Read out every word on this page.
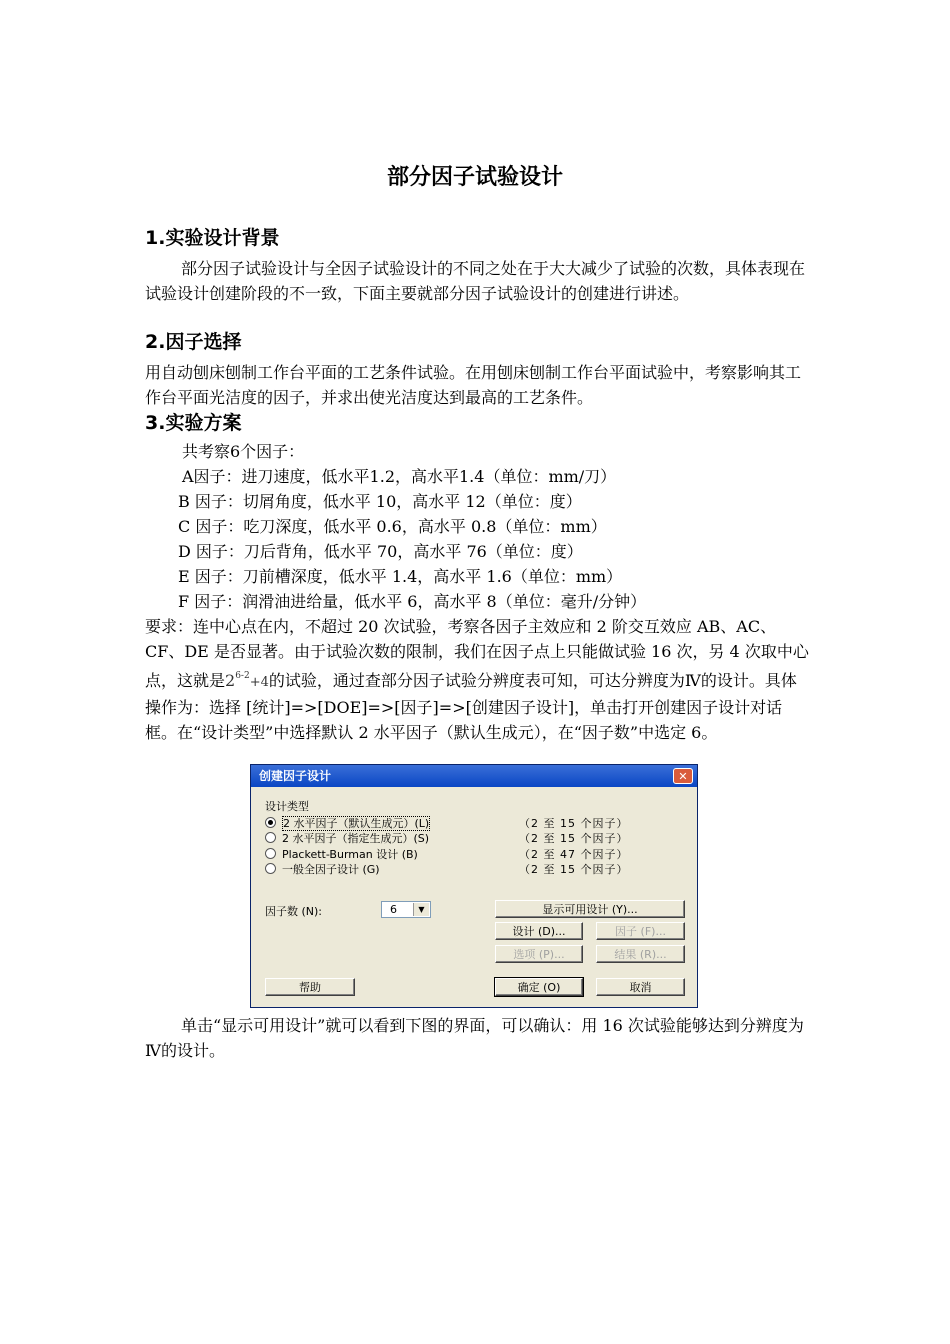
部分因子试验设计
1.实验设计背景
部分因子试验设计与全因子试验设计的不同之处在于大大减少了试验的次数，具体表现在试验设计创建阶段的不一致，下面主要就部分因子试验设计的创建进行讲述。
2.因子选择
用自动刨床刨制工作台平面的工艺条件试验。在用刨床刨制工作台平面试验中，考察影响其工作台平面光洁度的因子，并求出使光洁度达到最高的工艺条件。
3.实验方案
共考察6个因子：
A因子：进刀速度，低水平1.2，高水平1.4（单位：mm/刀）
B 因子：切屑角度，低水平 10，高水平 12（单位：度）
C 因子：吃刀深度，低水平 0.6，高水平 0.8（单位：mm）
D 因子：刀后背角，低水平 70，高水平 76（单位：度）
E 因子：刀前槽深度，低水平 1.4，高水平 1.6（单位：mm）
F 因子：润滑油进给量，低水平 6，高水平 8（单位：毫升/分钟）
要求：连中心点在内，不超过 20 次试验，考察各因子主效应和 2 阶交互效应 AB、AC、CF、DE 是否显著。由于试验次数的限制，我们在因子点上只能做试验 16 次，另 4 次取中心点，这就是$2^{6-2}+4$的试验，通过查部分因子试验分辨度表可知，可达分辨度为Ⅳ的设计。具体操作为：选择 [统计]=>[DOE]=>[因子]=>[创建因子设计]，单击打开创建因子设计对话框。在“设计类型”中选择默认 2 水平因子（默认生成元），在“因子数”中选定 6。
创建因子设计	✕
设计类型
2 水平因子（默认生成元）(L)	（2 至 15 个因子）
2 水平因子（指定生成元）(S)	（2 至 15 个因子）
Plackett-Burman 设计 (B)	（2 至 47 个因子）
一般全因子设计 (G)	（2 至 15 个因子）
因子数 (N):	6	▼	显示可用设计 (Y)...
设计 (D)...	因子 (F)...
选项 (P)...	结果 (R)...
帮助	确定 (O)	取消
单击“显示可用设计”就可以看到下图的界面，可以确认：用 16 次试验能够达到分辨度为Ⅳ的设计。
